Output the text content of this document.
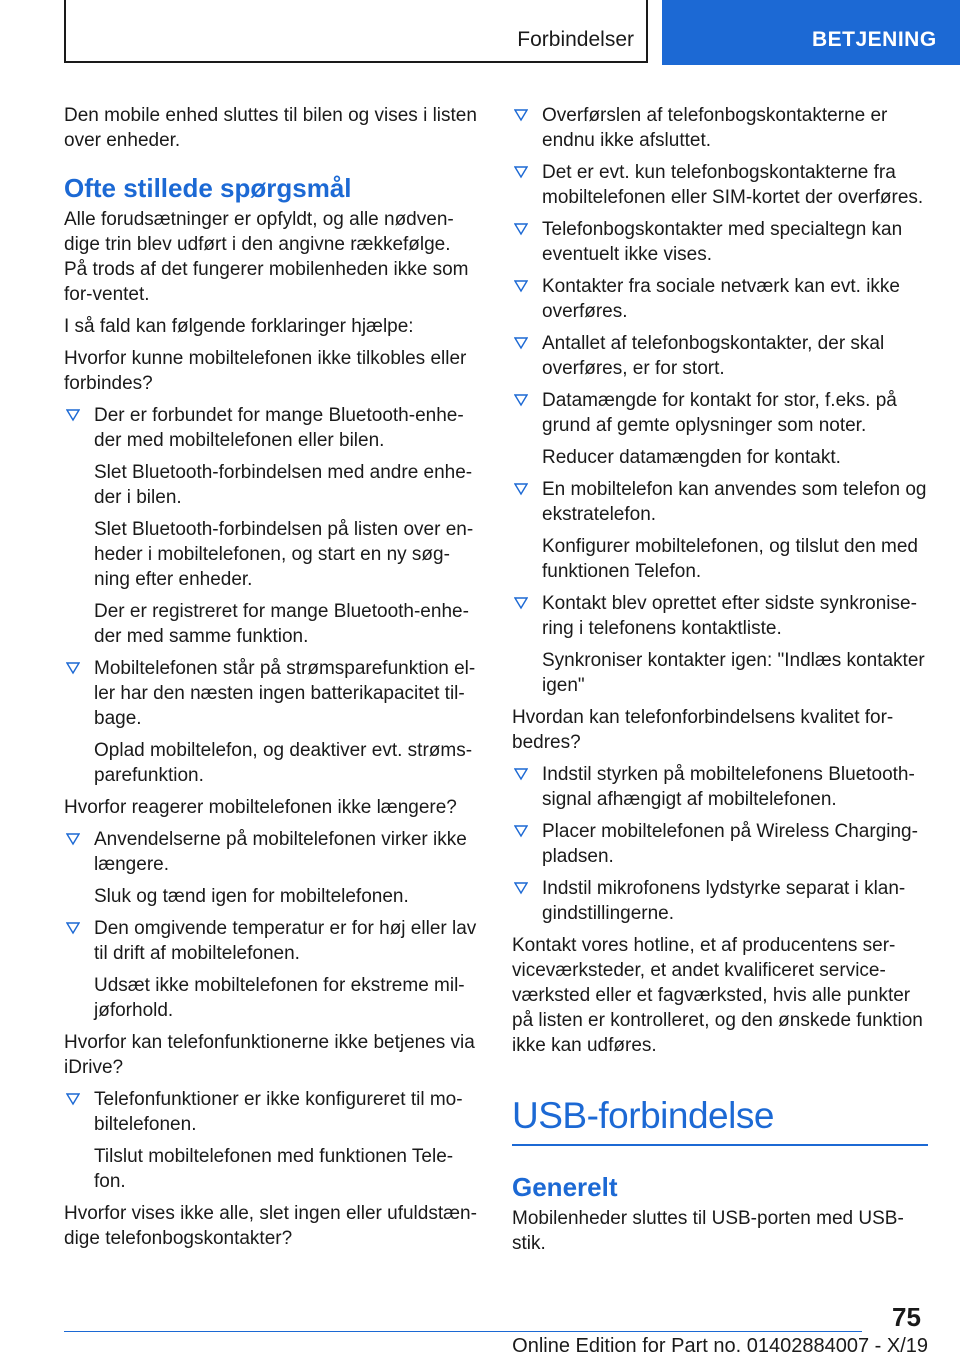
Forbindelser	BETJENING

Den mobile enhed sluttes til bilen og vises i listen over enheder.

Ofte stillede spørgsmål

Alle forudsætninger er opfyldt, og alle nødven-dige trin blev udført i den angivne rækkefølge. På trods af det fungerer mobilenheden ikke som for-ventet.

I så fald kan følgende forklaringer hjælpe:

Hvorfor kunne mobiltelefonen ikke tilkobles eller forbindes?

Der er forbundet for mange Bluetooth-enhe-der med mobiltelefonen eller bilen.

Slet Bluetooth-forbindelsen med andre enhe-der i bilen.

Slet Bluetooth-forbindelsen på listen over en-heder i mobiltelefonen, og start en ny søg-ning efter enheder.

Der er registreret for mange Bluetooth-enhe-der med samme funktion.

Mobiltelefonen står på strømsparefunktion el-ler har den næsten ingen batterikapacitet til-bage.

Oplad mobiltelefon, og deaktiver evt. strøms-parefunktion.

Hvorfor reagerer mobiltelefonen ikke længere?

Anvendelserne på mobiltelefonen virker ikke længere.

Sluk og tænd igen for mobiltelefonen.

Den omgivende temperatur er for høj eller lav til drift af mobiltelefonen.

Udsæt ikke mobiltelefonen for ekstreme mil-jøforhold.

Hvorfor kan telefonfunktionerne ikke betjenes via iDrive?

Telefonfunktioner er ikke konfigureret til mo-biltelefonen.

Tilslut mobiltelefonen med funktionen Tele-fon.

Hvorfor vises ikke alle, slet ingen eller ufuldstæn-dige telefonbogskontakter?

Overførslen af telefonbogskontakterne er endnu ikke afsluttet.
Det er evt. kun telefonbogskontakterne fra mobiltelefonen eller SIM-kortet der overføres.
Telefonbogskontakter med specialtegn kan eventuelt ikke vises.
Kontakter fra sociale netværk kan evt. ikke overføres.
Antallet af telefonbogskontakter, der skal overføres, er for stort.
Datamængde for kontakt for stor, f.eks. på grund af gemte oplysninger som noter.

Reducer datamængden for kontakt.

En mobiltelefon kan anvendes som telefon og ekstratelefon.

Konfigurer mobiltelefonen, og tilslut den med funktionen Telefon.

Kontakt blev oprettet efter sidste synkronise-ring i telefonens kontaktliste.

Synkroniser kontakter igen: "Indlæs kontakter igen"

Hvordan kan telefonforbindelsens kvalitet for-bedres?

Indstil styrken på mobiltelefonens Bluetooth-signal afhængigt af mobiltelefonen.
Placer mobiltelefonen på Wireless Charging-pladsen.
Indstil mikrofonens lydstyrke separat i klan-gindstillingerne.

Kontakt vores hotline, et af producentens ser-viceværksteder, et andet kvalificeret service-værksted eller et fagværksted, hvis alle punkter på listen er kontrolleret, og den ønskede funktion ikke kan udføres.

USB-forbindelse
Generelt

Mobilenheder sluttes til USB-porten med USB-stik.

75
Online Edition for Part no. 01402884007 - X/19
